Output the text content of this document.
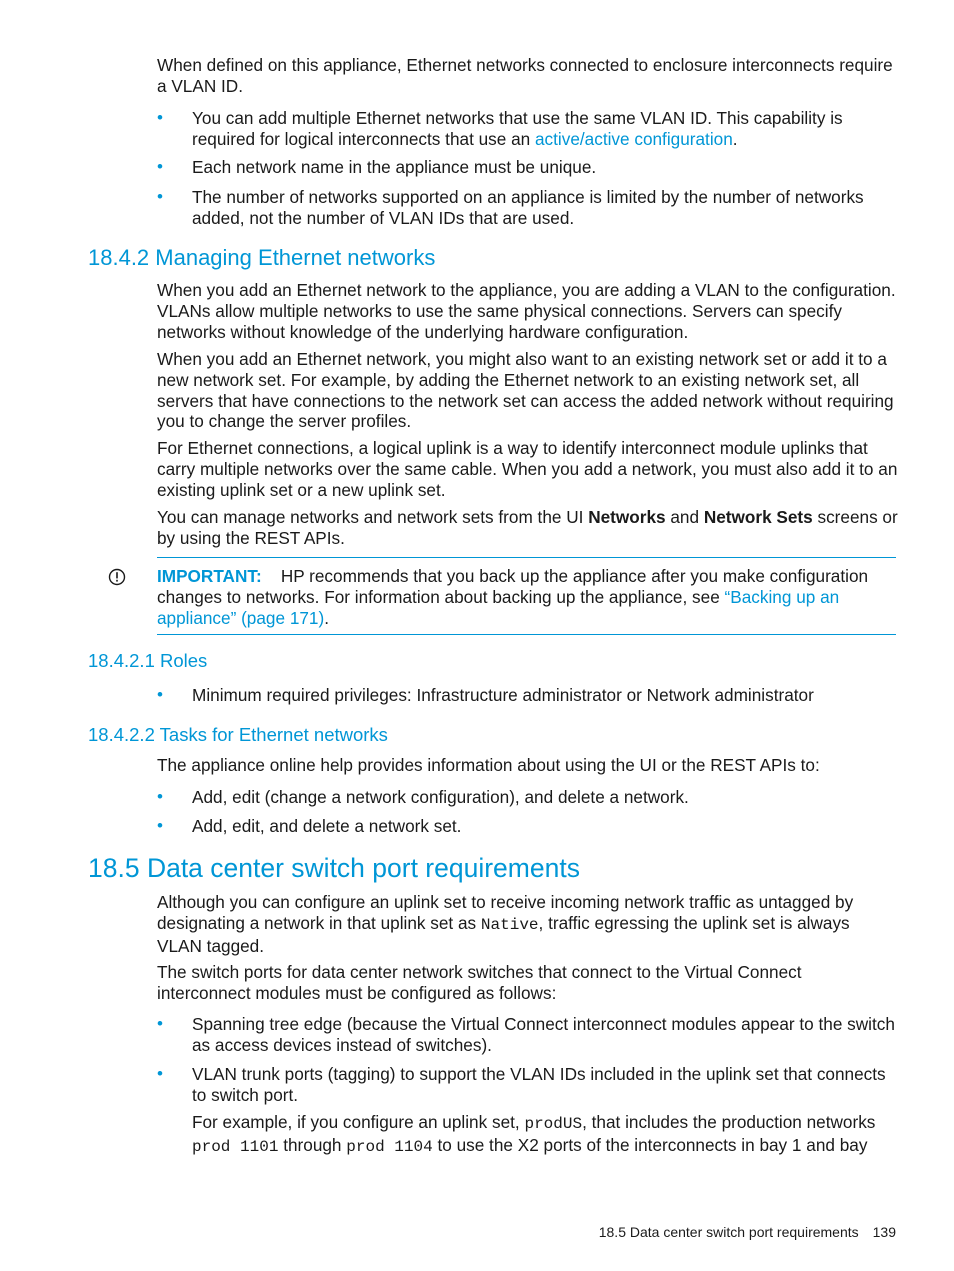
When defined on this appliance, Ethernet networks connected to enclosure interconnects require a VLAN ID.

• You can add multiple Ethernet networks that use the same VLAN ID. This capability is required for logical interconnects that use an active/active configuration.
• Each network name in the appliance must be unique.
• The number of networks supported on an appliance is limited by the number of networks added, not the number of VLAN IDs that are used.
18.4.2 Managing Ethernet networks

When you add an Ethernet network to the appliance, you are adding a VLAN to the configuration. VLANs allow multiple networks to use the same physical connections. Servers can specify networks without knowledge of the underlying hardware configuration.

When you add an Ethernet network, you might also want to an existing network set or add it to a new network set. For example, by adding the Ethernet network to an existing network set, all servers that have connections to the network set can access the added network without requiring you to change the server profiles.

For Ethernet connections, a logical uplink is a way to identify interconnect module uplinks that carry multiple networks over the same cable. When you add a network, you must also add it to an existing uplink set or a new uplink set.

You can manage networks and network sets from the UI Networks and Network Sets screens or by using the REST APIs.

IMPORTANT: HP recommends that you back up the appliance after you make configuration changes to networks. For information about backing up the appliance, see “Backing up an appliance” (page 171).

18.4.2.1 Roles
• Minimum required privileges: Infrastructure administrator or Network administrator
18.4.2.2 Tasks for Ethernet networks

The appliance online help provides information about using the UI or the REST APIs to:

• Add, edit (change a network configuration), and delete a network.
• Add, edit, and delete a network set.
18.5 Data center switch port requirements

Although you can configure an uplink set to receive incoming network traffic as untagged by designating a network in that uplink set as Native, traffic egressing the uplink set is always VLAN tagged.

The switch ports for data center network switches that connect to the Virtual Connect interconnect modules must be configured as follows:

• Spanning tree edge (because the Virtual Connect interconnect modules appear to the switch as access devices instead of switches).
• VLAN trunk ports (tagging) to support the VLAN IDs included in the uplink set that connects to switch port.

For example, if you configure an uplink set, prodUS, that includes the production networks prod 1101 through prod 1104 to use the X2 ports of the interconnects in bay 1 and bay

18.5 Data center switch port requirements 139
